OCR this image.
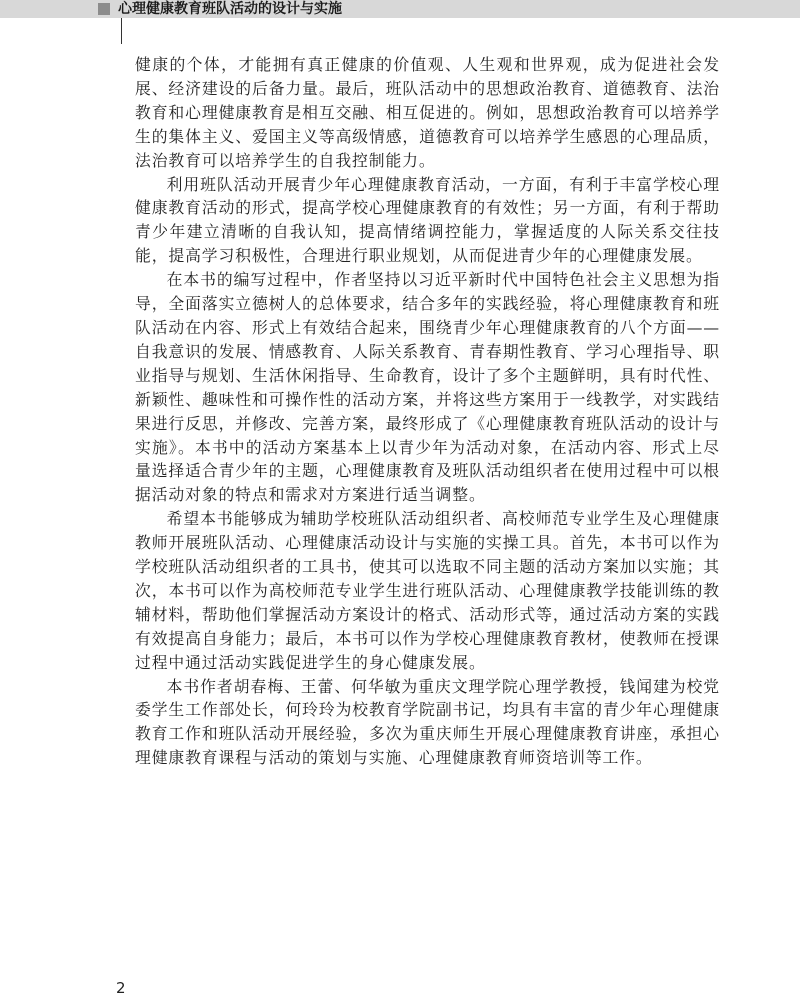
心理健康教育班队活动的设计与实施

健康的个体，才能拥有真正健康的价值观、人生观和世界观，成为促进社会发展、经济建设的后备力量。最后，班队活动中的思想政治教育、道德教育、法治教育和心理健康教育是相互交融、相互促进的。例如，思想政治教育可以培养学生的集体主义、爱国主义等高级情感，道德教育可以培养学生感恩的心理品质，法治教育可以培养学生的自我控制能力。

利用班队活动开展青少年心理健康教育活动，一方面，有利于丰富学校心理健康教育活动的形式，提高学校心理健康教育的有效性；另一方面，有利于帮助青少年建立清晰的自我认知，提高情绪调控能力，掌握适度的人际关系交往技能，提高学习积极性，合理进行职业规划，从而促进青少年的心理健康发展。

在本书的编写过程中，作者坚持以习近平新时代中国特色社会主义思想为指导，全面落实立德树人的总体要求，结合多年的实践经验，将心理健康教育和班队活动在内容、形式上有效结合起来，围绕青少年心理健康教育的八个方面——自我意识的发展、情感教育、人际关系教育、青春期性教育、学习心理指导、职业指导与规划、生活休闲指导、生命教育，设计了多个主题鲜明，具有时代性、新颖性、趣味性和可操作性的活动方案，并将这些方案用于一线教学，对实践结果进行反思，并修改、完善方案，最终形成了《心理健康教育班队活动的设计与实施》。本书中的活动方案基本上以青少年为活动对象，在活动内容、形式上尽量选择适合青少年的主题，心理健康教育及班队活动组织者在使用过程中可以根据活动对象的特点和需求对方案进行适当调整。

希望本书能够成为辅助学校班队活动组织者、高校师范专业学生及心理健康教师开展班队活动、心理健康活动设计与实施的实操工具。首先，本书可以作为学校班队活动组织者的工具书，使其可以选取不同主题的活动方案加以实施；其次，本书可以作为高校师范专业学生进行班队活动、心理健康教学技能训练的教辅材料，帮助他们掌握活动方案设计的格式、活动形式等，通过活动方案的实践有效提高自身能力；最后，本书可以作为学校心理健康教育教材，使教师在授课过程中通过活动实践促进学生的身心健康发展。

本书作者胡春梅、王蕾、何华敏为重庆文理学院心理学教授，钱闻建为校党委学生工作部处长，何玲玲为校教育学院副书记，均具有丰富的青少年心理健康教育工作和班队活动开展经验，多次为重庆师生开展心理健康教育讲座，承担心理健康教育课程与活动的策划与实施、心理健康教育师资培训等工作。

2
